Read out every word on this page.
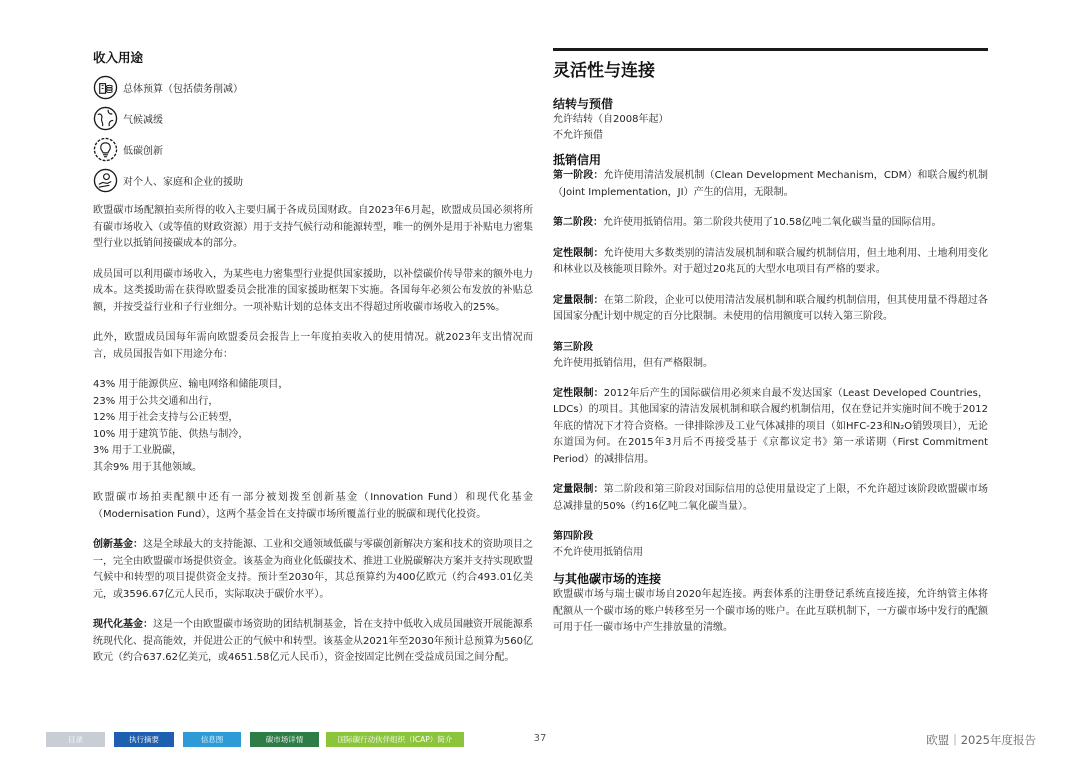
收入用途
总体预算（包括债务削减）
气候减缓
低碳创新
对个人、家庭和企业的援助

欧盟碳市场配额拍卖所得的收入主要归属于各成员国财政。自2023年6月起，欧盟成员国必须将所有碳市场收入（或等值的财政资源）用于支持气候行动和能源转型，唯一的例外是用于补贴电力密集型行业以抵销间接碳成本的部分。

成员国可以利用碳市场收入，为某些电力密集型行业提供国家援助，以补偿碳价传导带来的额外电力成本。这类援助需在获得欧盟委员会批准的国家援助框架下实施。各国每年必须公布发放的补贴总额，并按受益行业和子行业细分。一项补贴计划的总体支出不得超过所收碳市场收入的25%。

此外，欧盟成员国每年需向欧盟委员会报告上一年度拍卖收入的使用情况。就2023年支出情况而言，成员国报告如下用途分布：

43% 用于能源供应、输电网络和储能项目，
23% 用于公共交通和出行，
12% 用于社会支持与公正转型，
10% 用于建筑节能、供热与制冷，
3% 用于工业脱碳，
其余9% 用于其他领域。

欧盟碳市场拍卖配额中还有一部分被划拨至创新基金（Innovation Fund）和现代化基金（Modernisation Fund），这两个基金旨在支持碳市场所覆盖行业的脱碳和现代化投资。

创新基金：这是全球最大的支持能源、工业和交通领域低碳与零碳创新解决方案和技术的资助项目之一，完全由欧盟碳市场提供资金。该基金为商业化低碳技术、推进工业脱碳解决方案并支持实现欧盟气候中和转型的项目提供资金支持。预计至2030年，其总预算约为400亿欧元（约合493.01亿美元，或3596.67亿元人民币，实际取决于碳价水平）。

现代化基金：这是一个由欧盟碳市场资助的团结机制基金，旨在支持中低收入成员国融资开展能源系统现代化、提高能效，并促进公正的气候中和转型。该基金从2021年至2030年预计总预算为560亿欧元（约合637.62亿美元，或4651.58亿元人民币），资金按固定比例在受益成员国之间分配。

灵活性与连接
结转与预借
允许结转（自2008年起）
不允许预借
抵销信用

第一阶段：允许使用清洁发展机制（Clean Development Mechanism，CDM）和联合履约机制（Joint Implementation，JI）产生的信用，无限制。

第二阶段：允许使用抵销信用。第二阶段共使用了10.58亿吨二氧化碳当量的国际信用。

定性限制：允许使用大多数类别的清洁发展机制和联合履约机制信用，但土地利用、土地利用变化和林业以及核能项目除外。对于超过20兆瓦的大型水电项目有严格的要求。

定量限制：在第二阶段，企业可以使用清洁发展机制和联合履约机制信用，但其使用量不得超过各国国家分配计划中规定的百分比限制。未使用的信用额度可以转入第三阶段。

第三阶段
允许使用抵销信用，但有严格限制。

定性限制：2012年后产生的国际碳信用必须来自最不发达国家（Least Developed Countries，LDCs）的项目。其他国家的清洁发展机制和联合履约机制信用，仅在登记并实施时间不晚于2012年底的情况下才符合资格。一律排除涉及工业气体减排的项目（如HFC-23和N₂O销毁项目），无论东道国为何。在2015年3月后不再接受基于《京都议定书》第一承诺期（First Commitment Period）的减排信用。

定量限制：第二阶段和第三阶段对国际信用的总使用量设定了上限，不允许超过该阶段欧盟碳市场总减排量的50%（约16亿吨二氧化碳当量）。

第四阶段
不允许使用抵销信用
与其他碳市场的连接

欧盟碳市场与瑞士碳市场自2020年起连接。两套体系的注册登记系统直接连接，允许纳管主体将配额从一个碳市场的账户转移至另一个碳市场的账户。在此互联机制下，一方碳市场中发行的配额可用于任一碳市场中产生排放量的清缴。

目录	执行摘要	信息图	碳市场详情	国际碳行动伙伴组织（ICAP）简介	37	欧盟｜2025年度报告
